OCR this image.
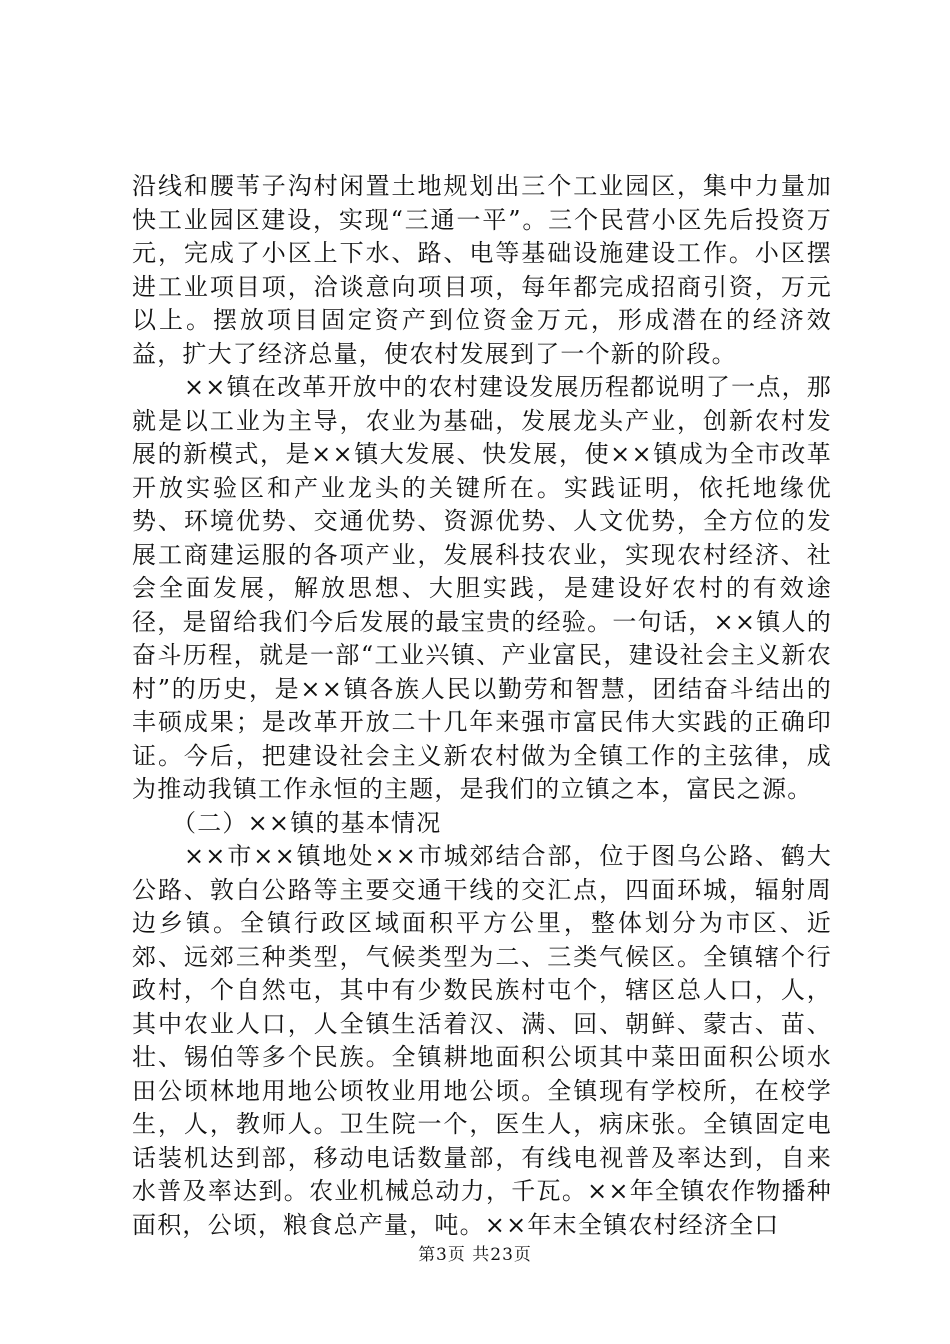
沿线和腰苇子沟村闲置土地规划出三个工业园区，集中力量加快工业园区建设，实现“三通一平”。三个民营小区先后投资万元，完成了小区上下水、路、电等基础设施建设工作。小区摆进工业项目项，洽谈意向项目项，每年都完成招商引资，万元以上。摆放项目固定资产到位资金万元，形成潜在的经济效益，扩大了经济总量，使农村发展到了一个新的阶段。

××镇在改革开放中的农村建设发展历程都说明了一点，那就是以工业为主导，农业为基础，发展龙头产业，创新农村发展的新模式，是××镇大发展、快发展，使××镇成为全市改革开放实验区和产业龙头的关键所在。实践证明，依托地缘优势、环境优势、交通优势、资源优势、人文优势，全方位的发展工商建运服的各项产业，发展科技农业，实现农村经济、社会全面发展，解放思想、大胆实践，是建设好农村的有效途径，是留给我们今后发展的最宝贵的经验。一句话，××镇人的奋斗历程，就是一部“工业兴镇、产业富民，建设社会主义新农村”的历史，是××镇各族人民以勤劳和智慧，团结奋斗结出的丰硕成果；是改革开放二十几年来强市富民伟大实践的正确印证。今后，把建设社会主义新农村做为全镇工作的主弦律，成为推动我镇工作永恒的主题，是我们的立镇之本，富民之源。

（二）××镇的基本情况

××市××镇地处××市城郊结合部，位于图乌公路、鹤大公路、敦白公路等主要交通干线的交汇点，四面环城，辐射周边乡镇。全镇行政区域面积平方公里，整体划分为市区、近郊、远郊三种类型，气候类型为二、三类气候区。全镇辖个行政村，个自然屯，其中有少数民族村屯个，辖区总人口，人，其中农业人口，人全镇生活着汉、满、回、朝鲜、蒙古、苗、壮、锡伯等多个民族。全镇耕地面积公顷其中菜田面积公顷水田公顷林地用地公顷牧业用地公顷。全镇现有学校所，在校学生，人，教师人。卫生院一个，医生人，病床张。全镇固定电话装机达到部，移动电话数量部，有线电视普及率达到，自来水普及率达到。农业机械总动力，千瓦。××年全镇农作物播种面积，公顷，粮食总产量，吨。××年末全镇农村经济全口

第3页 共23页
